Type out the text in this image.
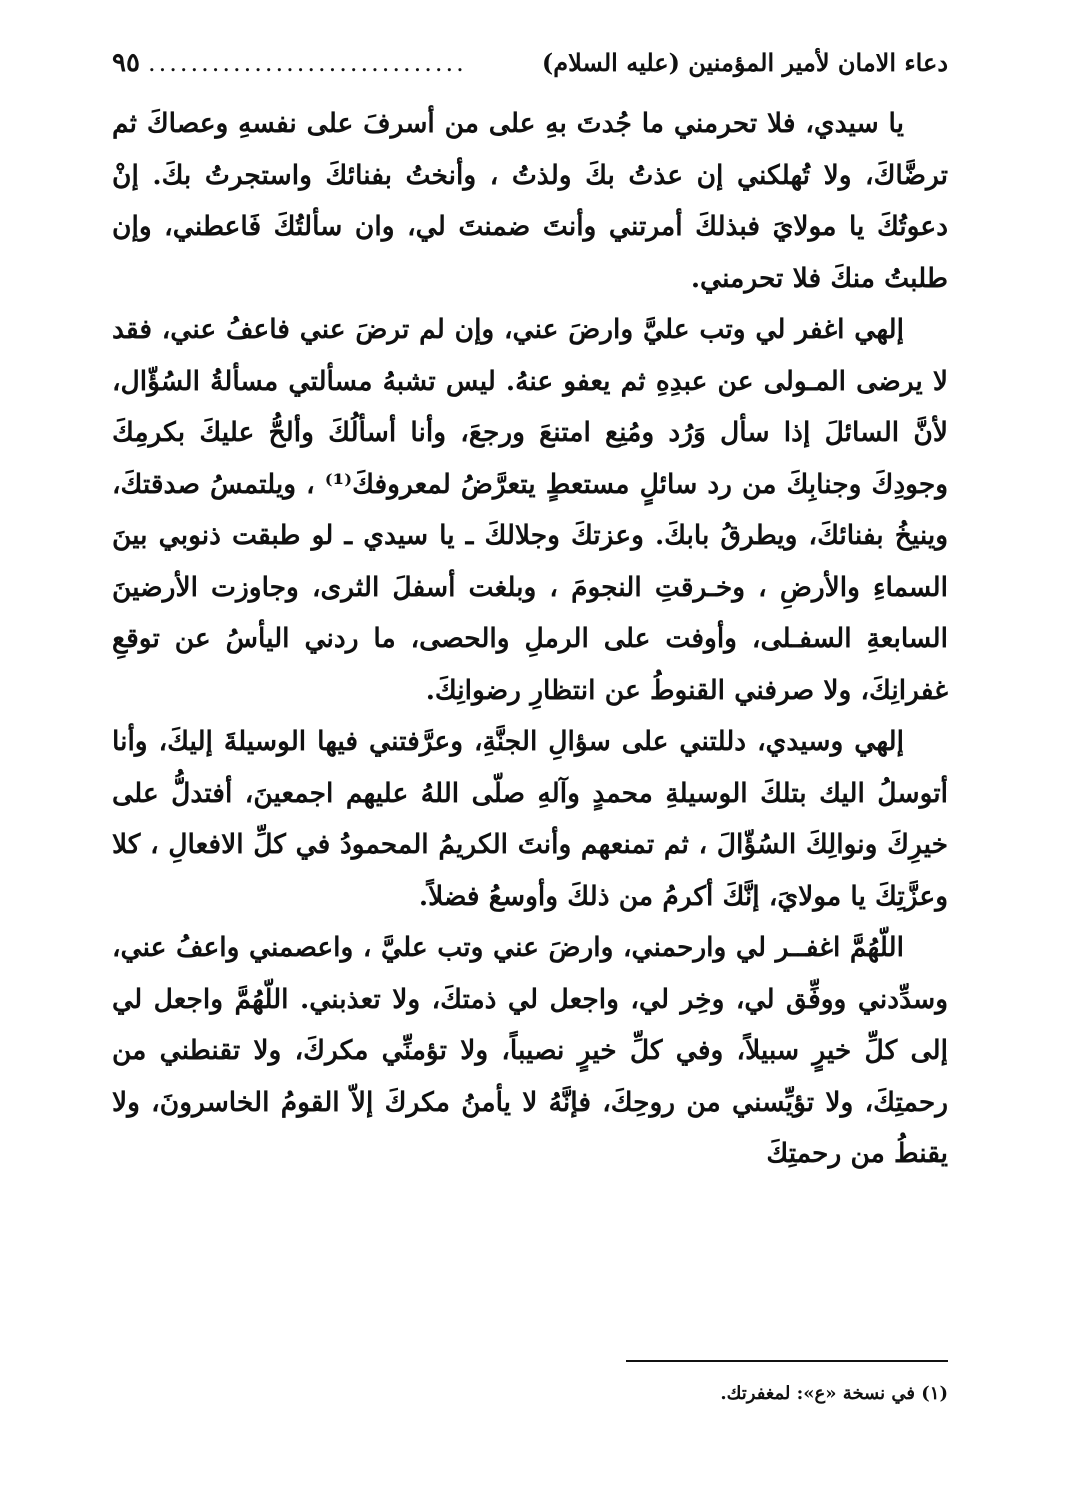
دعاء الامان لأمير المؤمنين (عليه السلام)
..............................
٩٥

يا سيدي، فلا تحرمني ما جُدتَ بهِ على من أسرفَ على نفسهِ وعصاكَ ثم ترضَّاكَ، ولا تُهلكني إن عذتُ بكَ ولذتُ ، وأنختُ بفنائكَ واستجرتُ بكَ. إنْ دعوتُكَ يا مولايَ فبذلكَ أمرتني وأنتَ ضمنتَ لي، وان سألتُكَ فَاعطني، وإن طلبتُ منكَ فلا تحرمني.

إلهي اغفر لي وتب عليَّ وارضَ عني، وإن لم ترضَ عني فاعفُ عني، فقد لا يرضى المـولى عن عبدِهِ ثم يعفو عنهُ. ليس تشبهُ مسألتي مسألةُ السُؤّال، لأنَّ السائلَ إذا سأل وَرُد ومُنِع امتنعَ ورجعَ، وأنا أسألُكَ وألحُّ عليكَ بكرمِكَ وجودِكَ وجنابِكَ من رد سائلٍ مستعطٍ يتعرَّضُ لمعروفكَ⁽¹⁾ ، ويلتمسُ صدقتكَ، وينيخُ بفنائكَ، ويطرقُ بابكَ. وعزتكَ وجلالكَ ـ يا سيدي ـ لو طبقت ذنوبي بينَ السماءِ والأرضِ ، وخـرقتِ النجومَ ، وبلغت أسفلَ الثرى، وجاوزت الأرضينَ السابعةِ السفـلى، وأوفت على الرملِ والحصى، ما ردني اليأسُ عن توقعِ غفرانِكَ، ولا صرفني القنوطُ عن انتظارِ رضوانِكَ.

إلهي وسيدي، دللتني على سؤالِ الجنَّةِ، وعرَّفتني فيها الوسيلةَ إليكَ، وأنا أتوسلُ اليك بتلكَ الوسيلةِ محمدٍ وآلهِ صلّى اللهُ عليهم اجمعينَ، أفتدلُّ على خيرِكَ ونوالِكَ السُؤّالَ ، ثم تمنعهم وأنتَ الكريمُ المحمودُ في كلِّ الافعالِ ، كلا وعزَّتِكَ يا مولايَ، إنَّكَ أكرمُ من ذلكَ وأوسعُ فضلاً.

اللّهُمَّ اغفــر لي وارحمني، وارضَ عني وتب عليَّ ، واعصمني واعفُ عني، وسدِّدني ووفِّق لي، وخِر لي، واجعل لي ذمتكَ، ولا تعذبني. اللّهُمَّ واجعل لي إلى كلِّ خيرٍ سبيلاً، وفي كلِّ خيرٍ نصيباً، ولا تؤمنِّي مكركَ، ولا تقنطني من رحمتِكَ، ولا تؤيِّسني من روحِكَ، فإنَّهُ لا يأمنُ مكركَ إلاّ القومُ الخاسرونَ، ولا يقنطُ من رحمتِكَ

(١) في نسخة «ع»: لمغفرتك.
